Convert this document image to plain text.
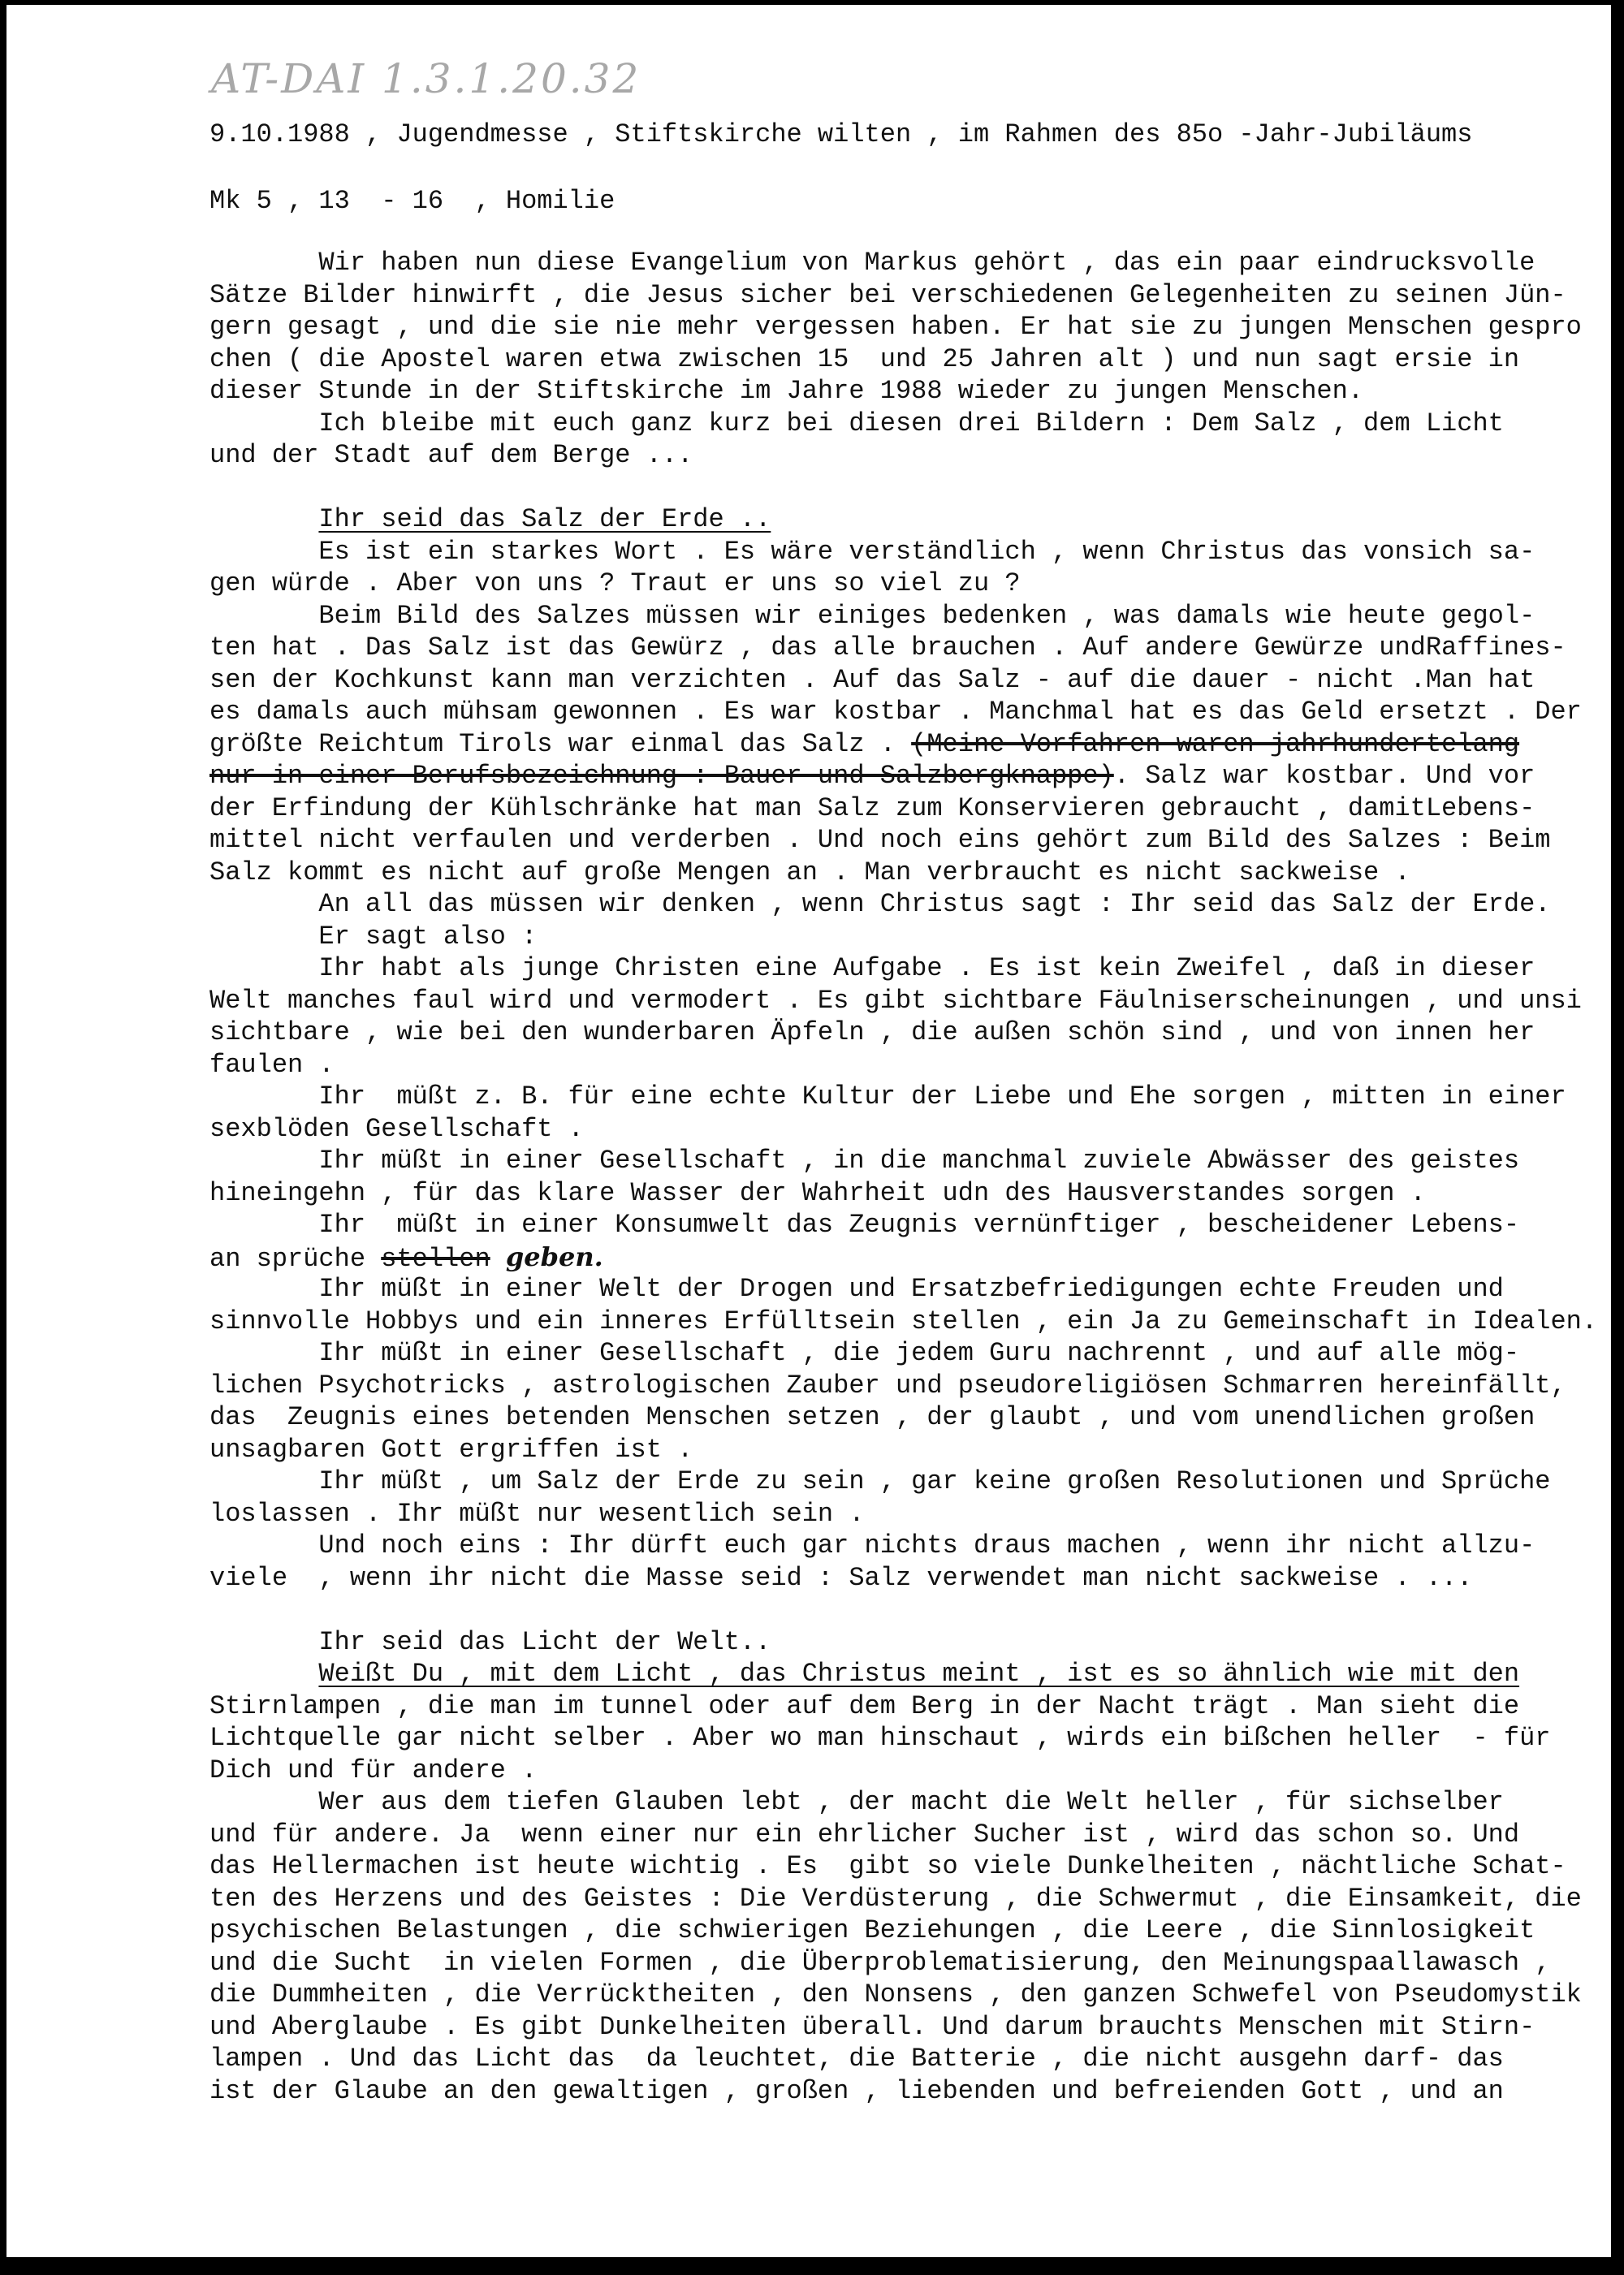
AT-DAI 1.3.1.20.32
9.10.1988 , Jugendmesse , Stiftskirche wilten , im Rahmen des 85o -Jahr-Jubiläums
Mk 5 , 13  - 16  , Homilie
Wir haben nun diese Evangelium von Markus gehört , das ein paar eindrucksvolle
Sätze Bilder hinwirft , die Jesus sicher bei verschiedenen Gelegenheiten zu seinen Jün-
gern gesagt , und die sie nie mehr vergessen haben. Er hat sie zu jungen Menschen gespro
chen ( die Apostel waren etwa zwischen 15  und 25 Jahren alt ) und nun sagt ersie in
dieser Stunde in der Stiftskirche im Jahre 1988 wieder zu jungen Menschen.
Ich bleibe mit euch ganz kurz bei diesen drei Bildern : Dem Salz , dem Licht
und der Stadt auf dem Berge ...
Ihr seid das Salz der Erde ..
Es ist ein starkes Wort . Es wäre verständlich , wenn Christus das vonsich sa-
gen würde . Aber von uns ? Traut er uns so viel zu ?
Beim Bild des Salzes müssen wir einiges bedenken , was damals wie heute gegol-
ten hat . Das Salz ist das Gewürz , das alle brauchen . Auf andere Gewürze undRaffines-
sen der Kochkunst kann man verzichten . Auf das Salz - auf die dauer - nicht .Man hat
es damals auch mühsam gewonnen . Es war kostbar . Manchmal hat es das Geld ersetzt . Der
größte Reichtum Tirols war einmal das Salz . (Meine Vorfahren waren jahrhundertelang
nur in einer Berufsbezeichnung : Bauer und Salzbergknappe). Salz war kostbar. Und vor
der Erfindung der Kühlschränke hat man Salz zum Konservieren gebraucht , damitLebens-
mittel nicht verfaulen und verderben . Und noch eins gehört zum Bild des Salzes : Beim
Salz kommt es nicht auf große Mengen an . Man verbraucht es nicht sackweise .
An all das müssen wir denken , wenn Christus sagt : Ihr seid das Salz der Erde.
Er sagt also :
Ihr habt als junge Christen eine Aufgabe . Es ist kein Zweifel , daß in dieser
Welt manches faul wird und vermodert . Es gibt sichtbare Fäulniserscheinungen , und unsi
sichtbare , wie bei den wunderbaren Äpfeln , die außen schön sind , und von innen her
faulen .
Ihr  müßt z. B. für eine echte Kultur der Liebe und Ehe sorgen , mitten in einer
sexblöden Gesellschaft .
Ihr müßt in einer Gesellschaft , in die manchmal zuviele Abwässer des geistes
hineingehn , für das klare Wasser der Wahrheit udn des Hausverstandes sorgen .
Ihr  müßt in einer Konsumwelt das Zeugnis vernünftiger , bescheidener Lebens-
an sprüche stellen geben.
Ihr müßt in einer Welt der Drogen und Ersatzbefriedigungen echte Freuden und
sinnvolle Hobbys und ein inneres Erfülltsein stellen , ein Ja zu Gemeinschaft in Idealen.
Ihr müßt in einer Gesellschaft , die jedem Guru nachrennt , und auf alle mög-
lichen Psychotricks , astrologischen Zauber und pseudoreligiösen Schmarren hereinfällt,
das  Zeugnis eines betenden Menschen setzen , der glaubt , und vom unendlichen großen
unsagbaren Gott ergriffen ist .
Ihr müßt , um Salz der Erde zu sein , gar keine großen Resolutionen und Sprüche
loslassen . Ihr müßt nur wesentlich sein .
Und noch eins : Ihr dürft euch gar nichts draus machen , wenn ihr nicht allzu-
viele  , wenn ihr nicht die Masse seid : Salz verwendet man nicht sackweise . ...
Ihr seid das Licht der Welt..
Weißt Du , mit dem Licht , das Christus meint , ist es so ähnlich wie mit den
Stirnlampen , die man im tunnel oder auf dem Berg in der Nacht trägt . Man sieht die
Lichtquelle gar nicht selber . Aber wo man hinschaut , wirds ein bißchen heller  - für
Dich und für andere .
Wer aus dem tiefen Glauben lebt , der macht die Welt heller , für sichselber
und für andere. Ja  wenn einer nur ein ehrlicher Sucher ist , wird das schon so. Und
das Hellermachen ist heute wichtig . Es  gibt so viele Dunkelheiten , nächtliche Schat-
ten des Herzens und des Geistes : Die Verdüsterung , die Schwermut , die Einsamkeit, die
psychischen Belastungen , die schwierigen Beziehungen , die Leere , die Sinnlosigkeit
und die Sucht  in vielen Formen , die Überproblematisierung, den Meinungspaallawasch ,
die Dummheiten , die Verrücktheiten , den Nonsens , den ganzen Schwefel von Pseudomystik
und Aberglaube . Es gibt Dunkelheiten überall. Und darum brauchts Menschen mit Stirn-
lampen . Und das Licht das  da leuchtet, die Batterie , die nicht ausgehn darf- das
ist der Glaube an den gewaltigen , großen , liebenden und befreienden Gott , und an
